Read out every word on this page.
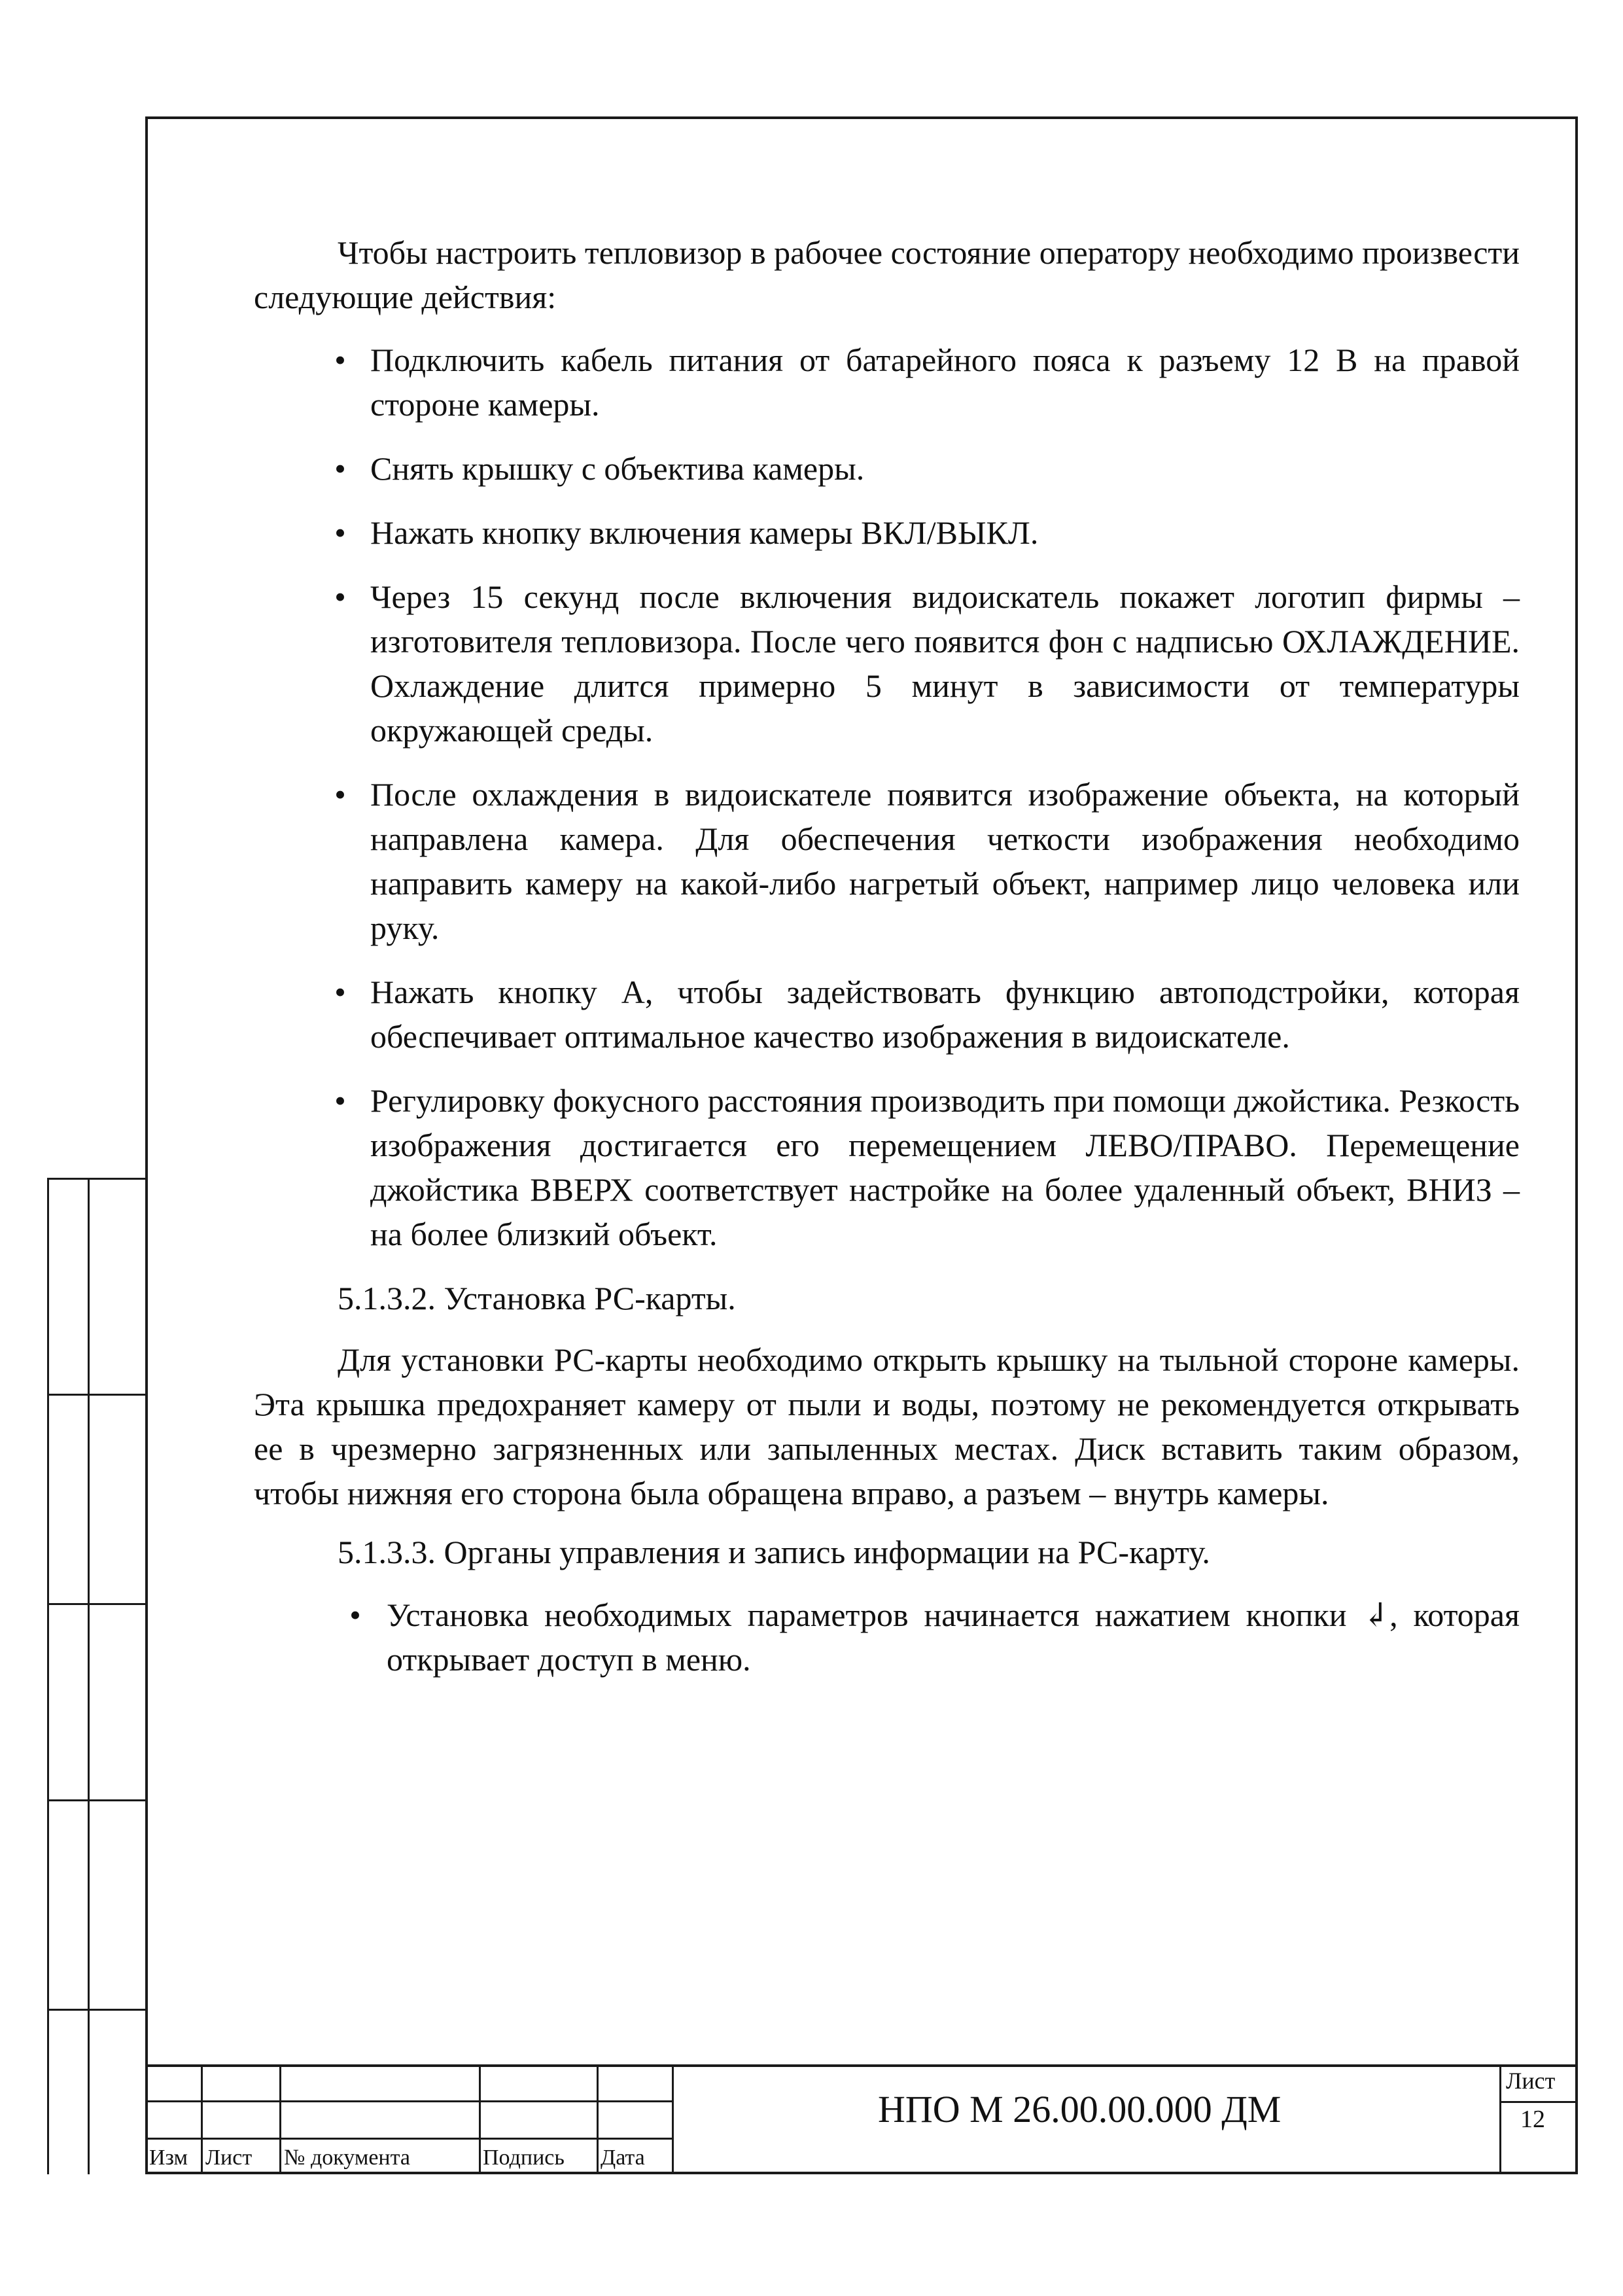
Чтобы настроить тепловизор в рабочее состояние оператору необходимо произвести следующие действия:

• Подключить кабель питания от батарейного пояса к разъему 12 В на правой стороне камеры.
• Снять крышку с объектива камеры.
• Нажать кнопку включения камеры ВКЛ/ВЫКЛ.
• Через 15 секунд после включения видоискатель покажет логотип фирмы –изготовителя тепловизора. После чего появится фон с надписью ОХЛАЖДЕНИЕ. Охлаждение длится примерно 5 минут в зависимости от температуры окружающей среды.
• После охлаждения в видоискателе появится изображение объекта, на который направлена камера. Для обеспечения четкости изображения необходимо направить камеру на какой-либо нагретый объект, например лицо человека или руку.
• Нажать кнопку А, чтобы задействовать функцию автоподстройки, которая обеспечивает оптимальное качество изображения в видоискателе.
• Регулировку фокусного расстояния производить при помощи джойстика. Резкость изображения достигается его перемещением ЛЕВО/ПРАВО. Перемещение джойстика ВВЕРХ соответствует настройке на более удаленный объект, ВНИЗ – на более близкий объект.

5.1.3.2. Установка РС-карты.

Для установки РС-карты необходимо открыть крышку на тыльной стороне камеры. Эта крышка предохраняет камеру от пыли и воды, поэтому не рекомендуется открывать ее в чрезмерно загрязненных или запыленных местах. Диск вставить таким образом, чтобы нижняя его сторона была обращена вправо, а разъем – внутрь камеры.

5.1.3.3. Органы управления и запись информации на РС-карту.

• Установка необходимых параметров начинается нажатием кнопки ↲, которая открывает доступ в меню.
Изм Лист № документа	Подпись Дата
НПО М 26.00.00.000 ДМ
Лист
12
